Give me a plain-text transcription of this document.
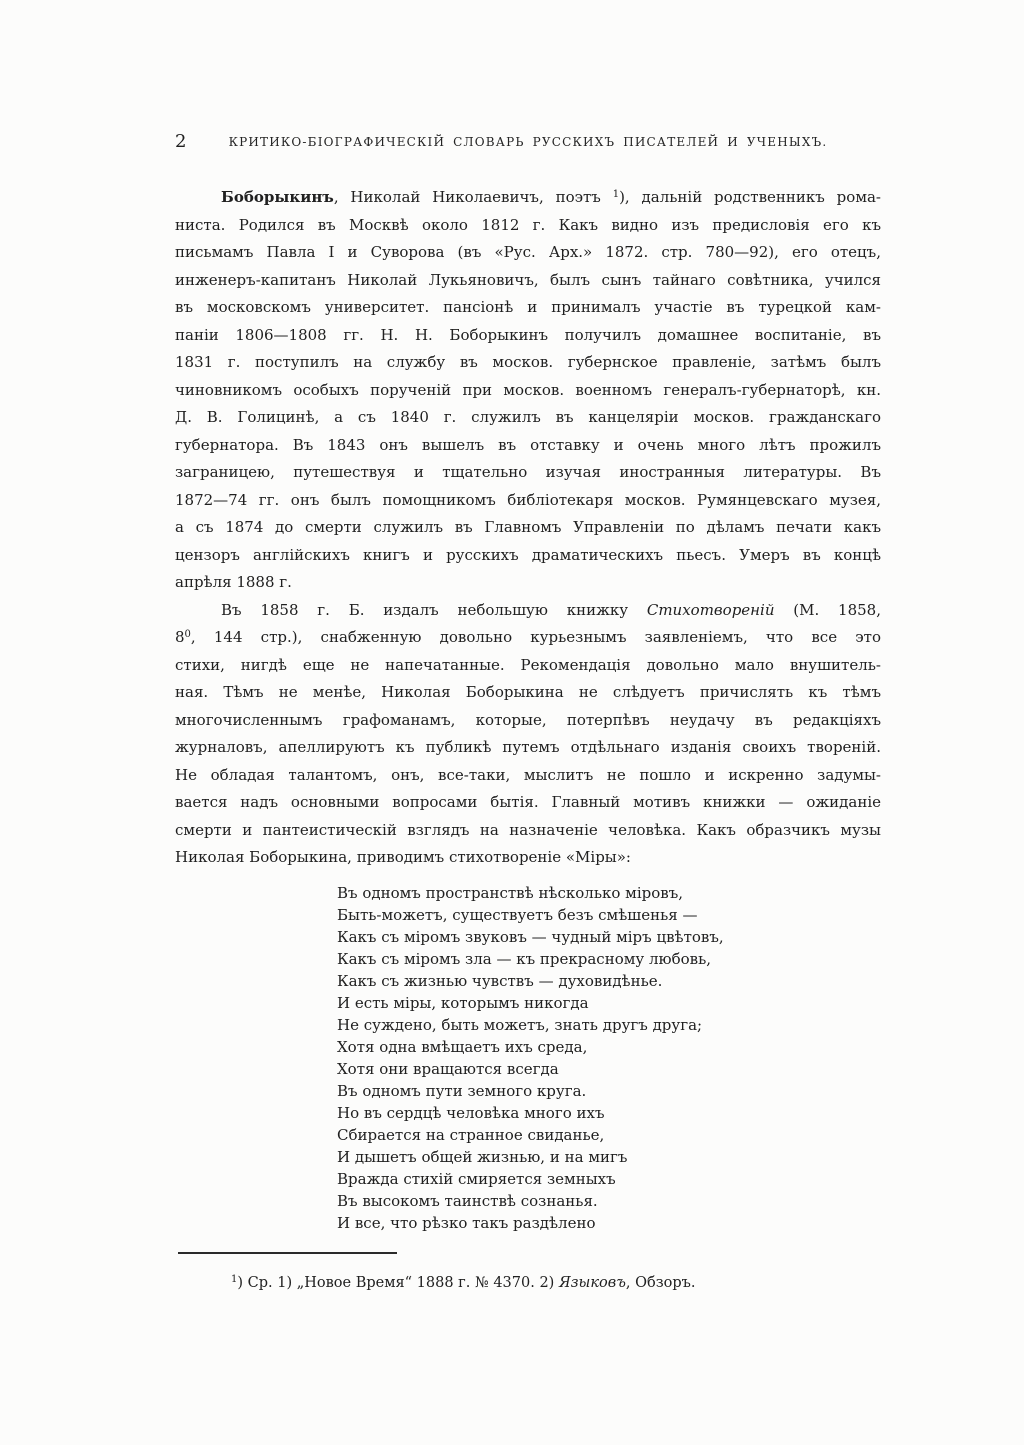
2	КРИТИКО-БІОГРАФИЧЕСКІЙ СЛОВАРЬ РУССКИХЪ ПИСАТЕЛЕЙ И УЧЕНЫХЪ.
Боборыкинъ, Николай Николаевичъ, поэтъ $^1$), дальній родственникъ рома-
ниста. Родился въ Москвѣ около 1812 г. Какъ видно изъ предисловія его къ
письмамъ Павла I и Суворова (въ «Рус. Арх.» 1872. стр. 780—92), его отецъ,
инженеръ-капитанъ Николай Лукьяновичъ, былъ сынъ тайнаго совѣтника, учился
въ московскомъ университет. пансіонѣ и принималъ участіе въ турецкой кам-
паніи 1806—1808 гг. Н. Н. Боборыкинъ получилъ домашнее воспитаніе, въ
1831 г. поступилъ на службу въ москов. губернское правленіе, затѣмъ былъ
чиновникомъ особыхъ порученій при москов. военномъ генералъ-губернаторѣ, кн.
Д. В. Голицинѣ, а съ 1840 г. служилъ въ канцеляріи москов. гражданскаго
губернатора. Въ 1843 онъ вышелъ въ отставку и очень много лѣтъ прожилъ
заграницею, путешествуя и тщательно изучая иностранныя литературы. Въ
1872—74 гг. онъ былъ помощникомъ библіотекаря москов. Румянцевскаго музея,
а съ 1874 до смерти служилъ въ Главномъ Управленіи по дѣламъ печати какъ
цензоръ англійскихъ книгъ и русскихъ драматическихъ пьесъ. Умеръ въ концѣ
апрѣля 1888 г.
Въ 1858 г. Б. издалъ небольшую книжку Стихотвореній (М. 1858,
$8^0$, 144 стр.), снабженную довольно курьезнымъ заявленіемъ, что все это
стихи, нигдѣ еще не напечатанные. Рекомендація довольно мало внушитель-
ная. Тѣмъ не менѣе, Николая Боборыкина не слѣдуетъ причислять къ тѣмъ
многочисленнымъ графоманамъ, которые, потерпѣвъ неудачу въ редакціяхъ
журналовъ, апеллируютъ къ публикѣ путемъ отдѣльнаго изданія своихъ твореній.
Не обладая талантомъ, онъ, все-таки, мыслитъ не пошло и искренно задумы-
вается надъ основными вопросами бытія. Главный мотивъ книжки — ожиданіе
смерти и пантеистическій взглядъ на назначеніе человѣка. Какъ образчикъ музы
Николая Боборыкина, приводимъ стихотвореніе «Міры»:
Въ одномъ пространствѣ нѣсколько міровъ,
Быть-можетъ, существуетъ безъ смѣшенья —
Какъ съ міромъ звуковъ — чудный міръ цвѣтовъ,
Какъ съ міромъ зла — къ прекрасному любовь,
Какъ съ жизнью чувствъ — духовидѣнье.
И есть міры, которымъ никогда
Не суждено, быть можетъ, знать другъ друга;
Хотя одна вмѣщаетъ ихъ среда,
Хотя они вращаются всегда
Въ одномъ пути земного круга.
Но въ сердцѣ человѣка много ихъ
Сбирается на странное свиданье,
И дышетъ общей жизнью, и на мигъ
Вражда стихій смиряется земныхъ
Въ высокомъ таинствѣ сознанья.
И все, что рѣзко такъ раздѣлено
$^1$) Ср. 1) „Новое Время“ 1888 г. № 4370. 2) Языковъ, Обзоръ.
